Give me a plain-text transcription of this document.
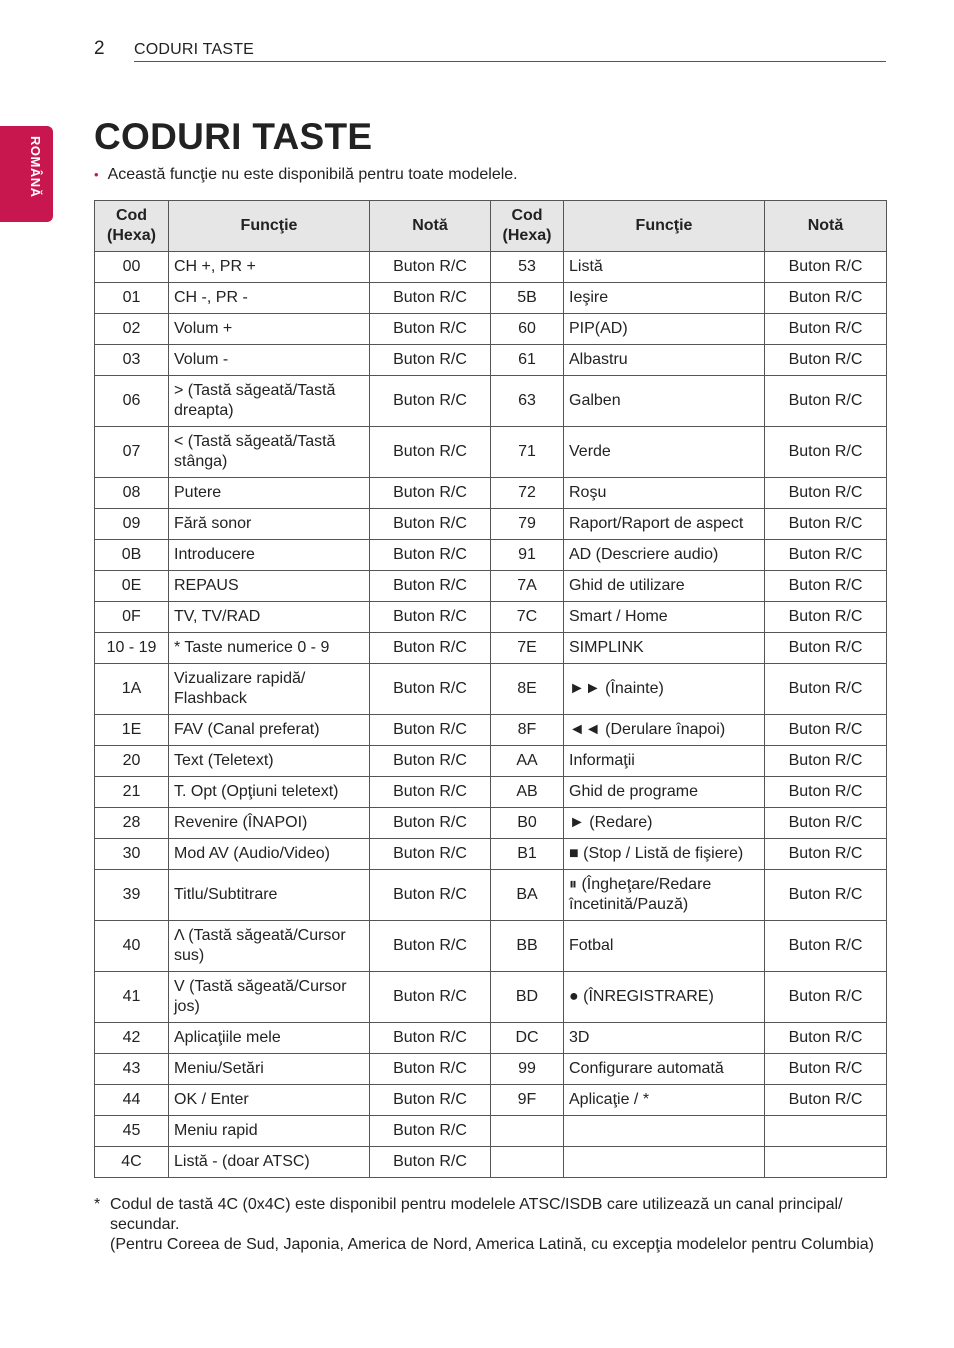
2 CODURI TASTE
ROMÂNĂ CODURI TASTE
• Această funcţie nu este disponibilă pentru toate modelele.
Cod (Hexa)	Funcţie	Notă	Cod (Hexa)	Funcţie	Notă
00	CH +, PR +	Buton R/C	53	Listă	Buton R/C
01	CH -, PR -	Buton R/C	5B	Ieşire	Buton R/C
02	Volum +	Buton R/C	60	PIP(AD)	Buton R/C
03	Volum -	Buton R/C	61	Albastru	Buton R/C
06	> (Tastă săgeată/Tastă dreapta)	Buton R/C	63	Galben	Buton R/C
07	< (Tastă săgeată/Tastă stânga)	Buton R/C	71	Verde	Buton R/C
08	Putere	Buton R/C	72	Roşu	Buton R/C
09	Fără sonor	Buton R/C	79	Raport/Raport de aspect	Buton R/C
0B	Introducere	Buton R/C	91	AD (Descriere audio)	Buton R/C
0E	REPAUS	Buton R/C	7A	Ghid de utilizare	Buton R/C
0F	TV, TV/RAD	Buton R/C	7C	Smart / Home	Buton R/C
10 - 19	* Taste numerice 0 - 9	Buton R/C	7E	SIMPLINK	Buton R/C
1A	Vizualizare rapidă/ Flashback	Buton R/C	8E	►► (Înainte)	Buton R/C
1E	FAV (Canal preferat)	Buton R/C	8F	◄◄ (Derulare înapoi)	Buton R/C
20	Text (Teletext)	Buton R/C	AA	Informaţii	Buton R/C
21	T. Opt (Opţiuni teletext)	Buton R/C	AB	Ghid de programe	Buton R/C
28	Revenire (ÎNAPOI)	Buton R/C	B0	► (Redare)	Buton R/C
30	Mod AV (Audio/Video)	Buton R/C	B1	■ (Stop / Listă de fişiere)	Buton R/C
39	Titlu/Subtitrare	Buton R/C	BA	⏸ (Îngheţare/Redare încetinită/Pauză)	Buton R/C
40	Λ (Tastă săgeată/Cursor sus)	Buton R/C	BB	Fotbal	Buton R/C
41	V (Tastă săgeată/Cursor jos)	Buton R/C	BD	● (ÎNREGISTRARE)	Buton R/C
42	Aplicaţiile mele	Buton R/C	DC	3D	Buton R/C
43	Meniu/Setări	Buton R/C	99	Configurare automată	Buton R/C
44	OK / Enter	Buton R/C	9F	Aplicaţie / *	Buton R/C
45	Meniu rapid	Buton R/C			
4C	Listă - (doar ATSC)	Buton R/C			
* Codul de tastă 4C (0x4C) este disponibil pentru modelele ATSC/ISDB care utilizează un canal principal/ secundar.
(Pentru Coreea de Sud, Japonia, America de Nord, America Latină, cu excepţia modelelor pentru Columbia)
